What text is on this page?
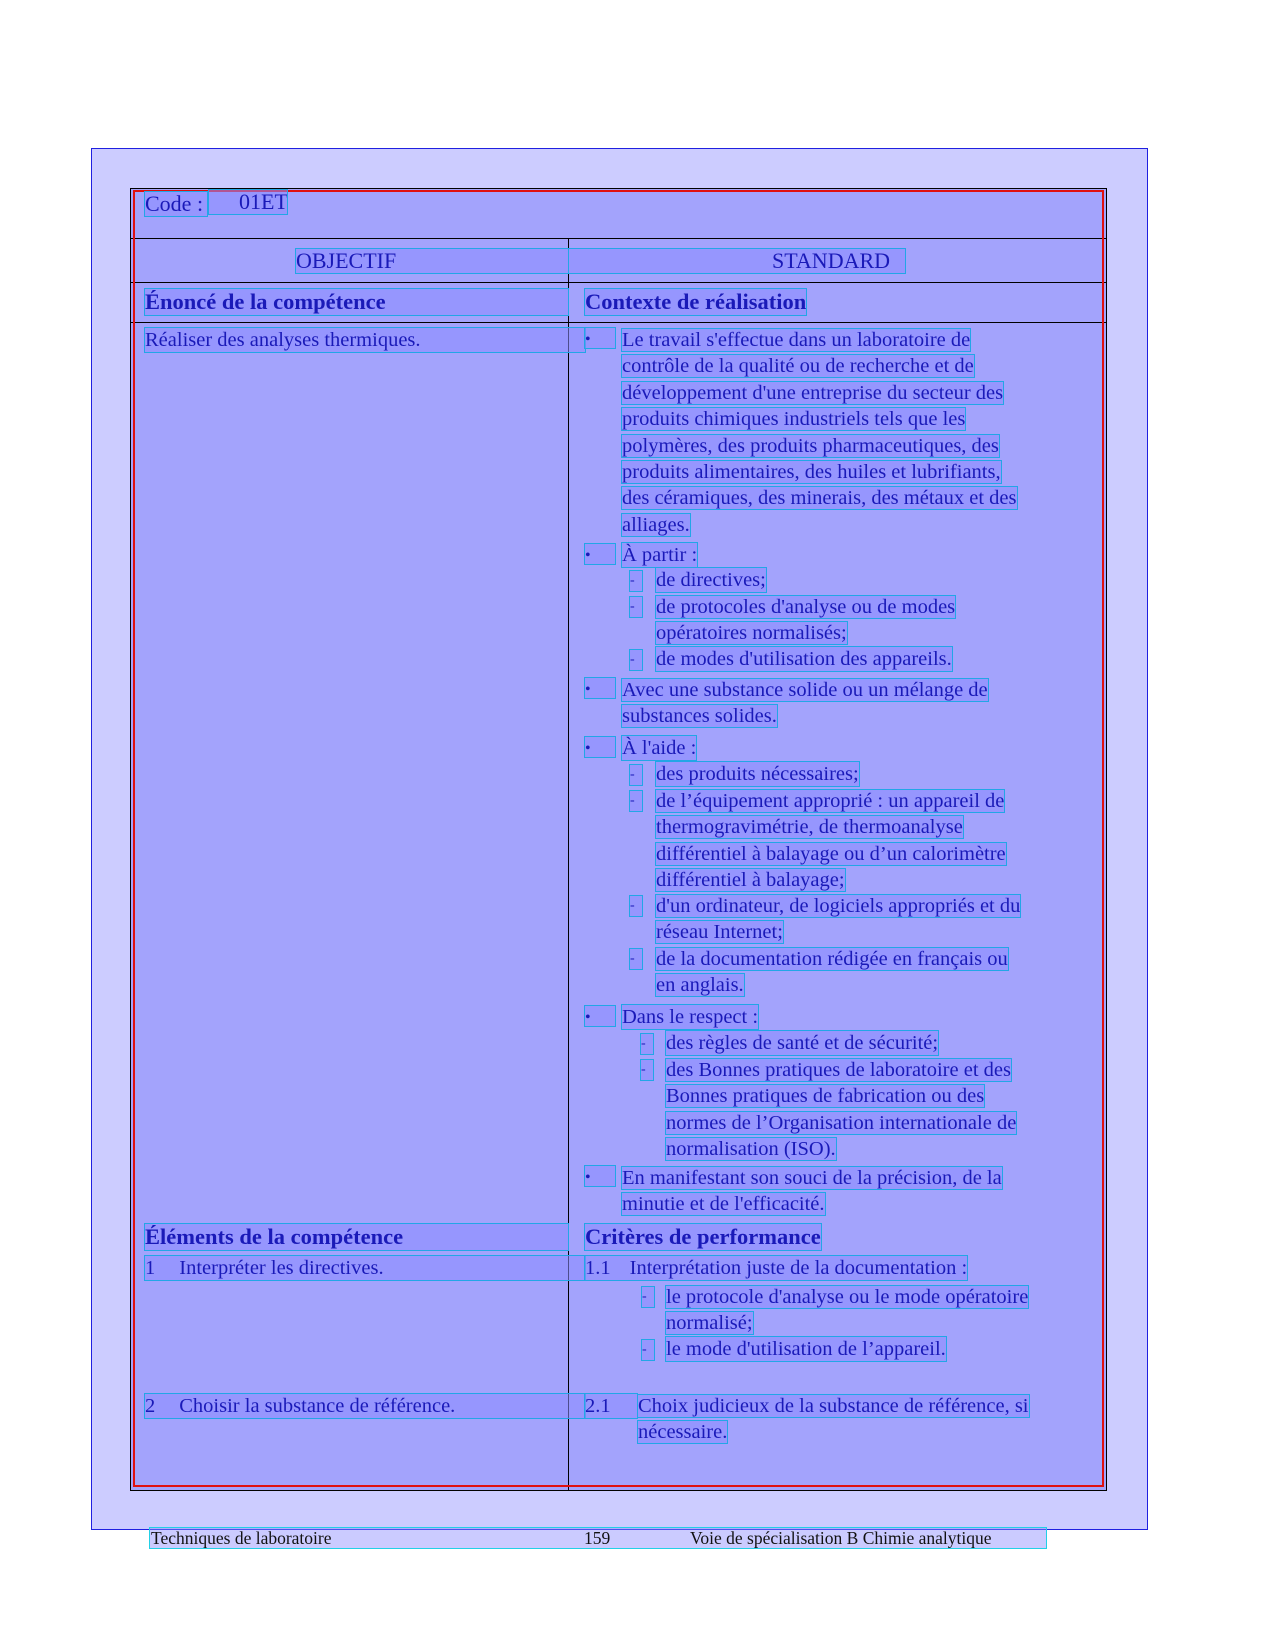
Code :	01ET
OBJECTIF	STANDARD
Énoncé de la compétence	Contexte de réalisation
Réaliser des analyses thermiques.	•	Le travail s'effectue dans un laboratoire de
contrôle de la qualité ou de recherche et de
développement d'une entreprise du secteur des
produits chimiques industriels tels que les
polymères, des produits pharmaceutiques, des
produits alimentaires, des huiles et lubrifiants,
des céramiques, des minerais, des métaux et des
alliages.
•	À partir :
-	de directives;
-	de protocoles d'analyse ou de modes
opératoires normalisés;
-	de modes d'utilisation des appareils.
•	Avec une substance solide ou un mélange de
substances solides.
•	À l'aide :
-	des produits nécessaires;
-	de l’équipement approprié : un appareil de
thermogravimétrie, de thermoanalyse
différentiel à balayage ou d’un calorimètre
différentiel à balayage;
-	d'un ordinateur, de logiciels appropriés et du
réseau Internet;
-	de la documentation rédigée en français ou
en anglais.
•	Dans le respect :
- des règles de santé et de sécurité;
- des Bonnes pratiques de laboratoire et des
Bonnes pratiques de fabrication ou des
normes de l’Organisation internationale de
normalisation (ISO).
•	En manifestant son souci de la précision, de la
minutie et de l'efficacité.
Éléments de la compétence	Critères de performance
1 Interpréter les directives.	1.1 Interprétation juste de la documentation :
- le protocole d'analyse ou le mode opératoire
normalisé;
- le mode d'utilisation de l’appareil.
2 Choisir la substance de référence.	2.1	Choix judicieux de la substance de référence, si
nécessaire.
Techniques de laboratoire	159	Voie de spécialisation B Chimie analytique
